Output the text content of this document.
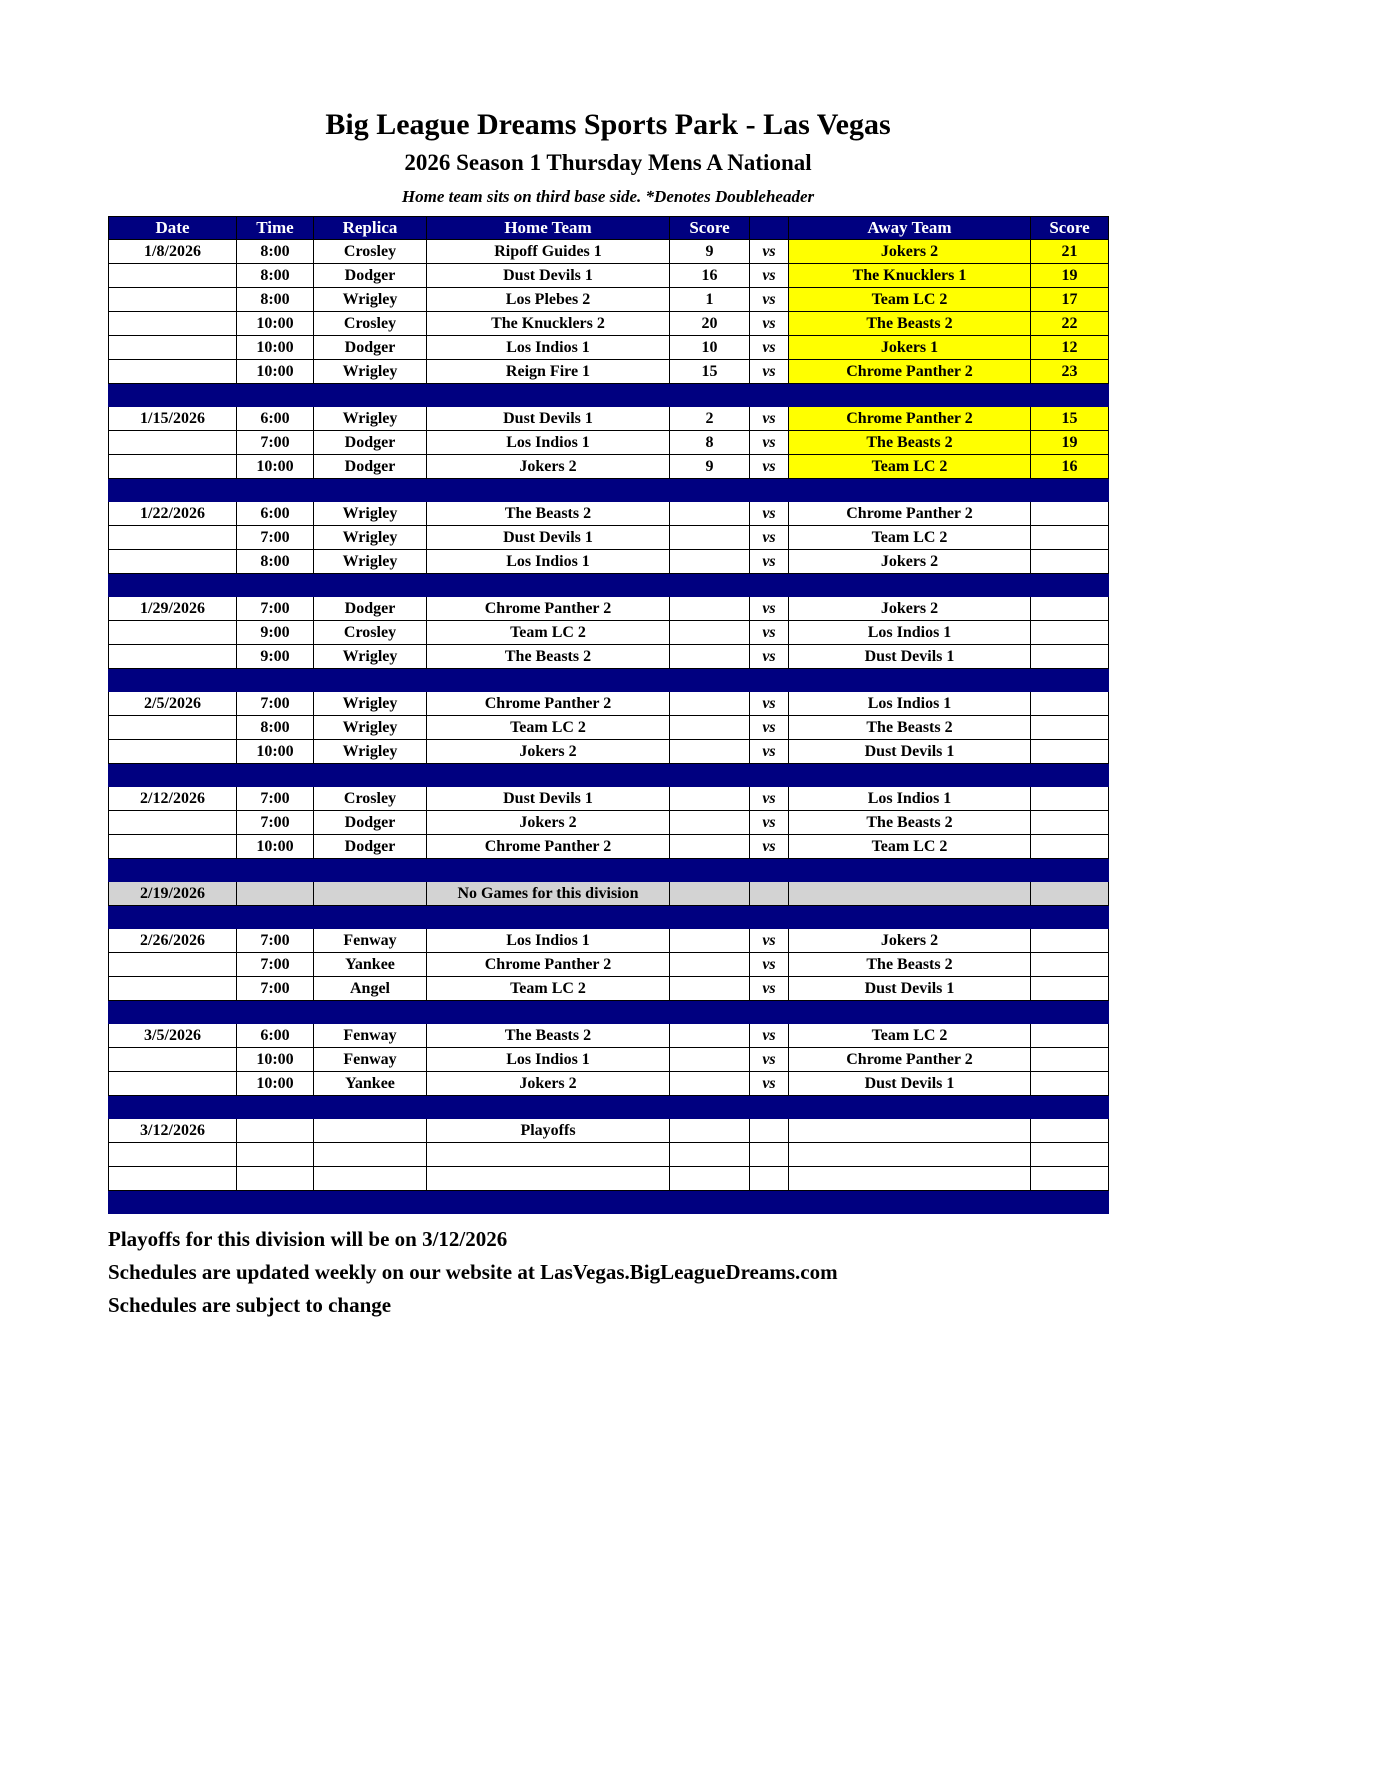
Big League Dreams Sports Park - Las Vegas
2026 Season 1 Thursday Mens A National
Home team sits on third base side. *Denotes Doubleheader
Date	Time	Replica	Home Team	Score		Away Team	Score
1/8/2026	8:00	Crosley	Ripoff Guides 1	9	vs	Jokers 2	21
	8:00	Dodger	Dust Devils 1	16	vs	The Knucklers 1	19
	8:00	Wrigley	Los Plebes 2	1	vs	Team LC 2	17
	10:00	Crosley	The Knucklers 2	20	vs	The Beasts 2	22
	10:00	Dodger	Los Indios 1	10	vs	Jokers 1	12
	10:00	Wrigley	Reign Fire 1	15	vs	Chrome Panther 2	23

1/15/2026	6:00	Wrigley	Dust Devils 1	2	vs	Chrome Panther 2	15
	7:00	Dodger	Los Indios 1	8	vs	The Beasts 2	19
	10:00	Dodger	Jokers 2	9	vs	Team LC 2	16

1/22/2026	6:00	Wrigley	The Beasts 2		vs	Chrome Panther 2	
	7:00	Wrigley	Dust Devils 1		vs	Team LC 2	
	8:00	Wrigley	Los Indios 1		vs	Jokers 2	

1/29/2026	7:00	Dodger	Chrome Panther 2		vs	Jokers 2	
	9:00	Crosley	Team LC 2		vs	Los Indios 1	
	9:00	Wrigley	The Beasts 2		vs	Dust Devils 1	

2/5/2026	7:00	Wrigley	Chrome Panther 2		vs	Los Indios 1	
	8:00	Wrigley	Team LC 2		vs	The Beasts 2	
	10:00	Wrigley	Jokers 2		vs	Dust Devils 1	

2/12/2026	7:00	Crosley	Dust Devils 1		vs	Los Indios 1	
	7:00	Dodger	Jokers 2		vs	The Beasts 2	
	10:00	Dodger	Chrome Panther 2		vs	Team LC 2	

2/19/2026			No Games for this division				

2/26/2026	7:00	Fenway	Los Indios 1		vs	Jokers 2	
	7:00	Yankee	Chrome Panther 2		vs	The Beasts 2	
	7:00	Angel	Team LC 2		vs	Dust Devils 1	

3/5/2026	6:00	Fenway	The Beasts 2		vs	Team LC 2	
	10:00	Fenway	Los Indios 1		vs	Chrome Panther 2	
	10:00	Yankee	Jokers 2		vs	Dust Devils 1	

3/12/2026			Playoffs				

Playoffs for this division will be on 3/12/2026

Schedules are updated weekly on our website at LasVegas.BigLeagueDreams.com

Schedules are subject to change
